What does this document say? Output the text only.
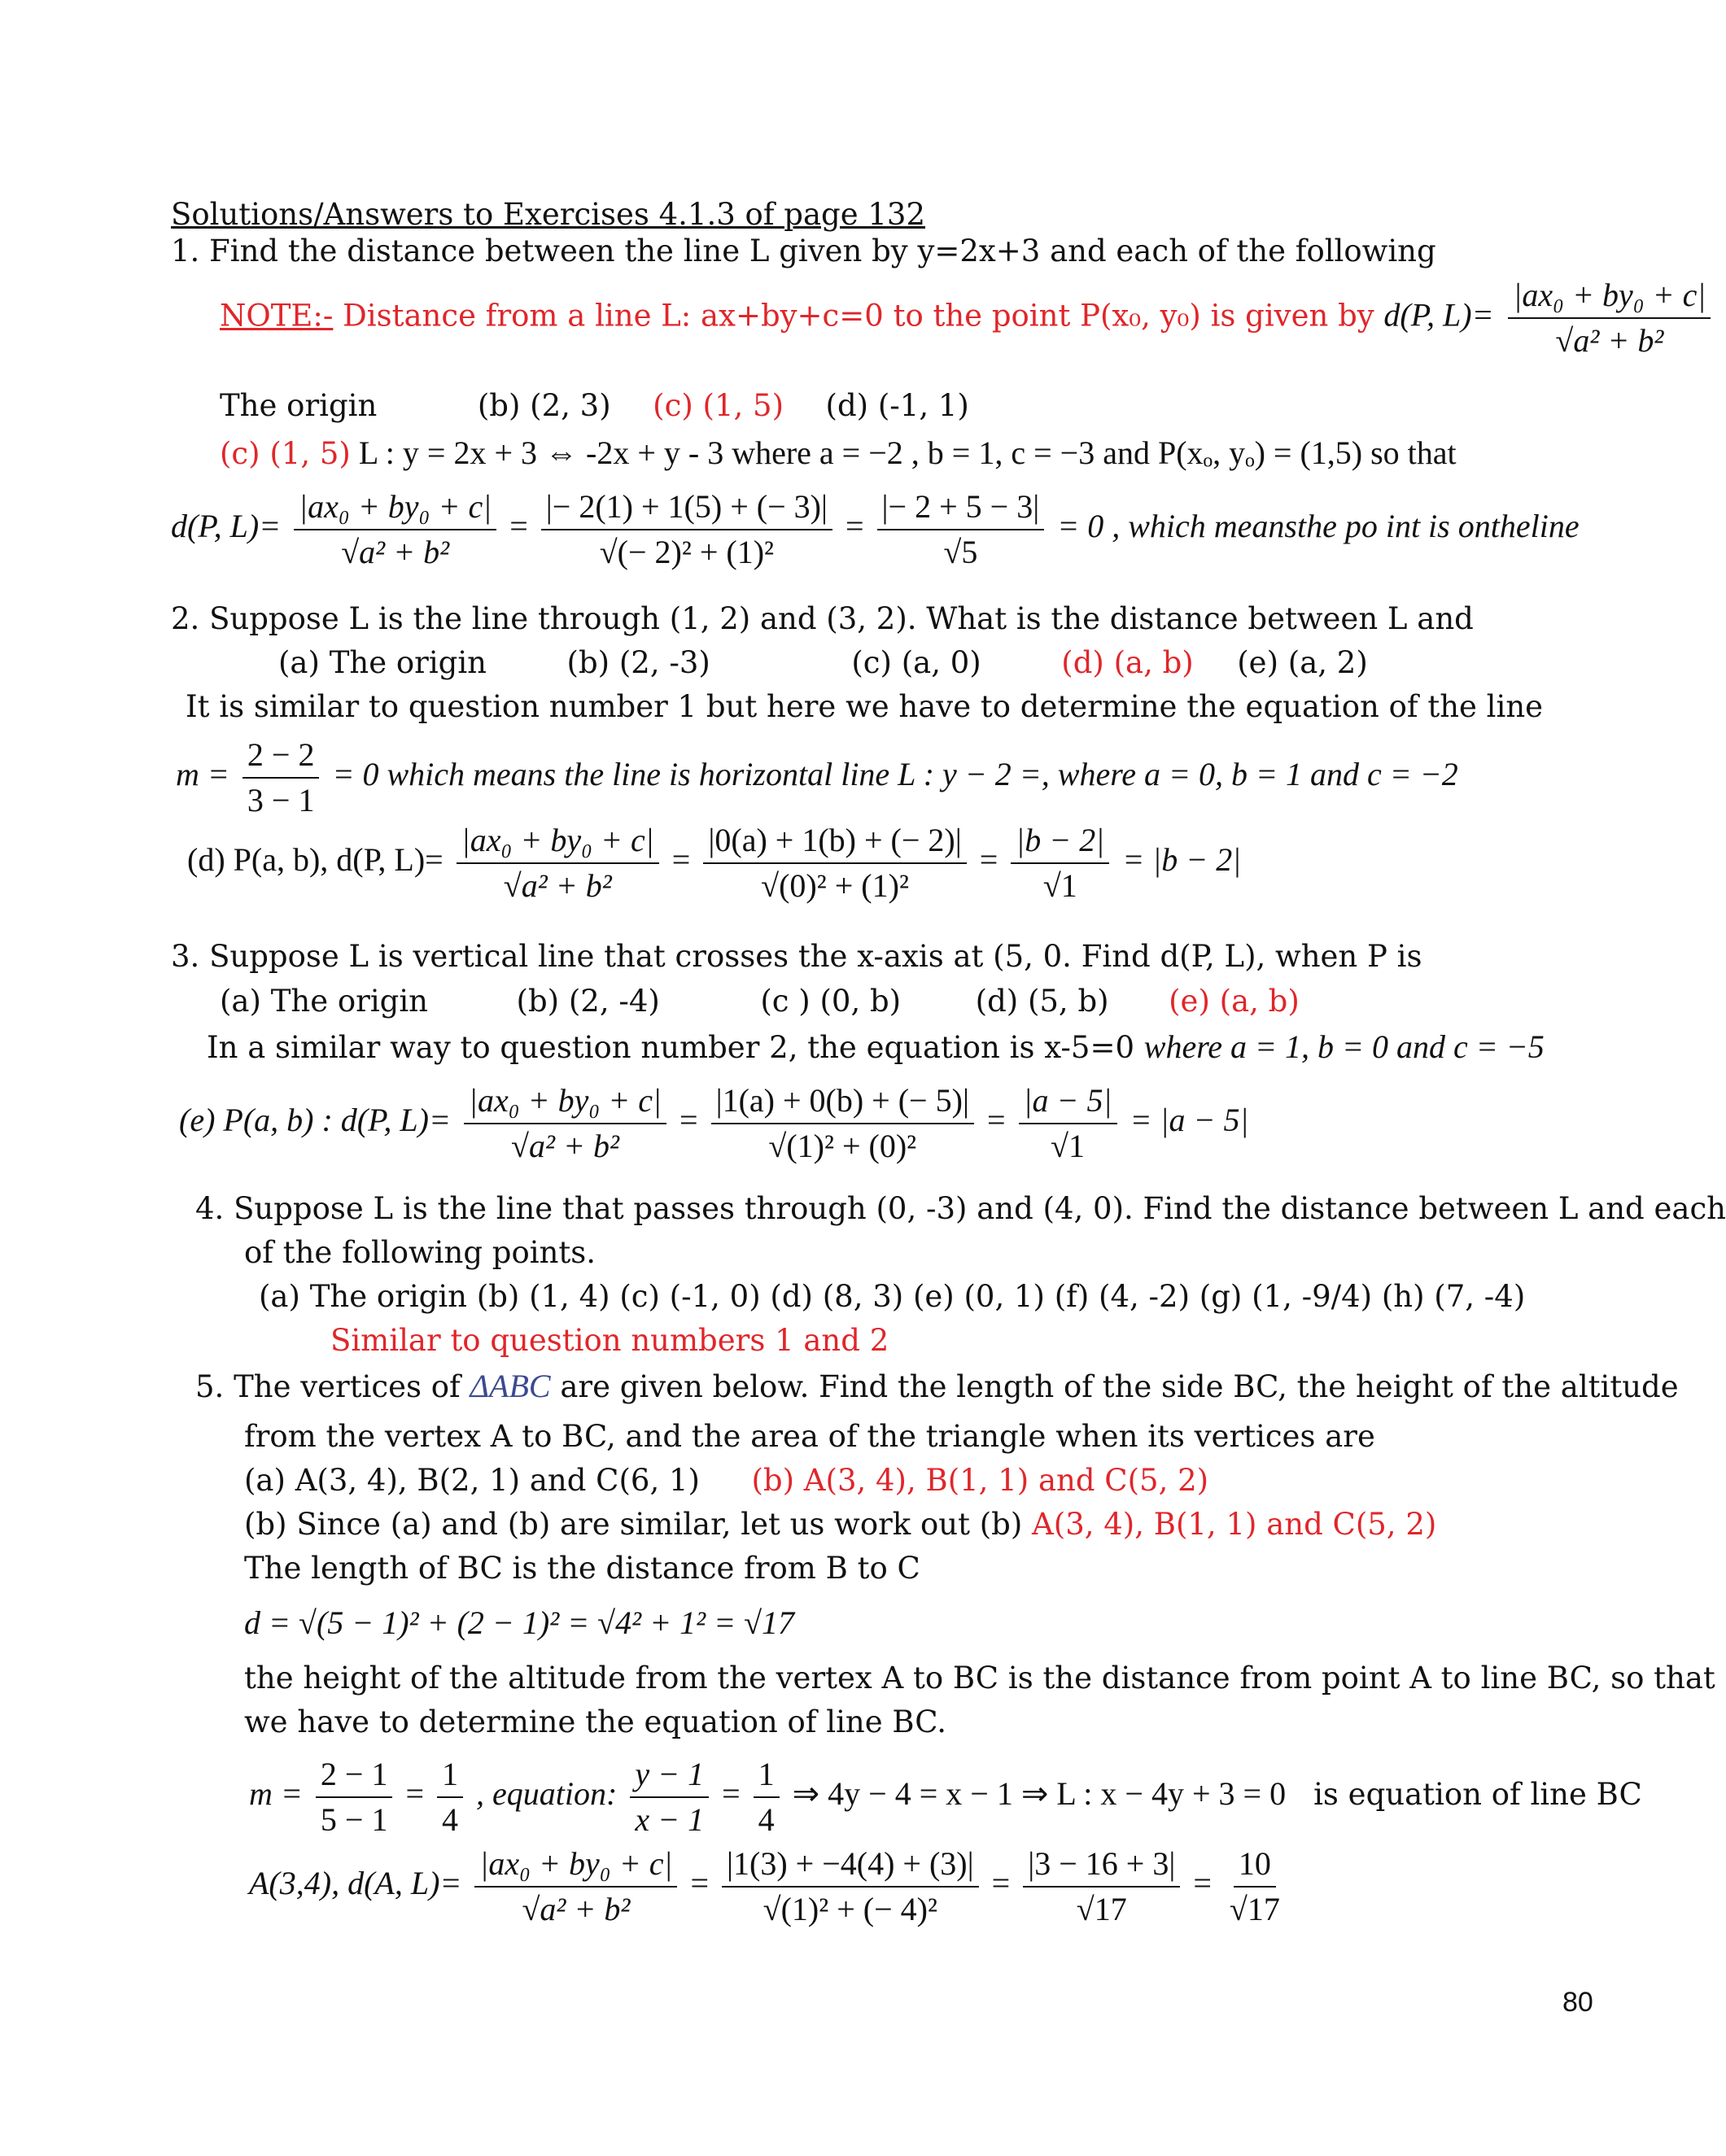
Solutions/Answers to Exercises 4.1.3 of page 132
1. Find the distance between the line L given by y=2x+3 and each of the following
NOTE:- Distance from a line L: ax+by+c=0 to the point P(x₀, y₀) is given by d(P, $L)= \frac{\text{|ax₀ + by₀ + c|}}{\text{√a² + b²}}$
The origin	(b) (2, 3) (c) (1, 5) (d) (-1, 1)
(c) (1, 5) L : y = 2x + 3 ⇔ -2x + y - 3 where a = −2 , b = 1, c = −3 and P(xₒ, yₒ) = (1,5) so that
d(P, $L)= \frac{\text{|ax₀ + by₀ + c|}}{\text{√a² + b²}} = \frac{|- 2(1) + 1(5) + (- 3)|}{\text{√(− 2)² + (1)²}} = \frac{|- 2 + 5 - 3|}{√5} = 0$ , which meansthe po int is ontheline
2. Suppose L is the line through (1, 2) and (3, 2). What is the distance between L and
(a) The origin	(b) (2, -3)	(c) (a, 0)	(d) (a, b) (e) (a, 2)
It is similar to question number 1 but here we have to determine the equation of the line
$m = \frac{2 - 2}{3 - 1} = 0$ which means the line is horizontal line L : y − 2 =, where a = 0, b = 1 and c = −2
(d) P(a, b), d(P, $L)= \frac{\text{|ax₀ + by₀ + c|}}{\text{√a² + b²}} = \frac{|0(a) + 1(b) + (- 2)|}{\text{√(0)² + (1)²}} = \frac{|b - 2|}{√1} = |b - 2|$
3. Suppose L is vertical line that crosses the x-axis at (5, 0. Find d(P, L), when P is
(a) The origin	(b) (2, -4)	(c ) (0, b) (d) (5, b) (e) (a, b)
In a similar way to question number 2, the equation is x-5=0 where a = 1, b = 0 and c = −5
(e) P(a, b) : d(P, $L)= \frac{\text{|ax₀ + by₀ + c|}}{\text{√a² + b²}} = \frac{|1(a) + 0(b) + (- 5)|}{\text{√(1)² + (0)²}} = \frac{|a - 5|}{√1} = |a - 5|$
4. Suppose L is the line that passes through (0, -3) and (4, 0). Find the distance between L and each
of the following points.
(a) The origin (b) (1, 4) (c) (-1, 0) (d) (8, 3) (e) (0, 1) (f) (4, -2) (g) (1, -9/4) (h) (7, -4)
Similar to question numbers 1 and 2
5. The vertices of ΔABC are given below. Find the length of the side BC, the height of the altitude
from the vertex A to BC, and the area of the triangle when its vertices are
(a) A(3, 4), B(2, 1) and C(6, 1) (b) A(3, 4), B(1, 1) and C(5, 2)
(b) Since (a) and (b) are similar, let us work out (b) A(3, 4), B(1, 1) and C(5, 2)
The length of BC is the distance from B to C
d = √(5 − 1)² + (2 − 1)² = √4² + 1² = √17
the height of the altitude from the vertex A to BC is the distance from point A to line BC, so that
we have to determine the equation of line BC.
$m = \frac{2 - 1}{5 - 1} = \frac{1}{4}$ , equation: $\frac{y - 1}{x - 1} = \frac{1}{4}$ ⇒ 4y − 4 = x − 1 ⇒ L : x − 4y + 3 = 0 is equation of line BC
A(3,4), d(A, $L)= \frac{\text{|ax₀ + by₀ + c|}}{\text{√a² + b²}} = \frac{|1(3) + -4(4) + (3)|}{\text{√(1)² + (− 4)²}} = \frac{|3 - 16 + 3|}{√17} = \frac{10}{√17}$
80
